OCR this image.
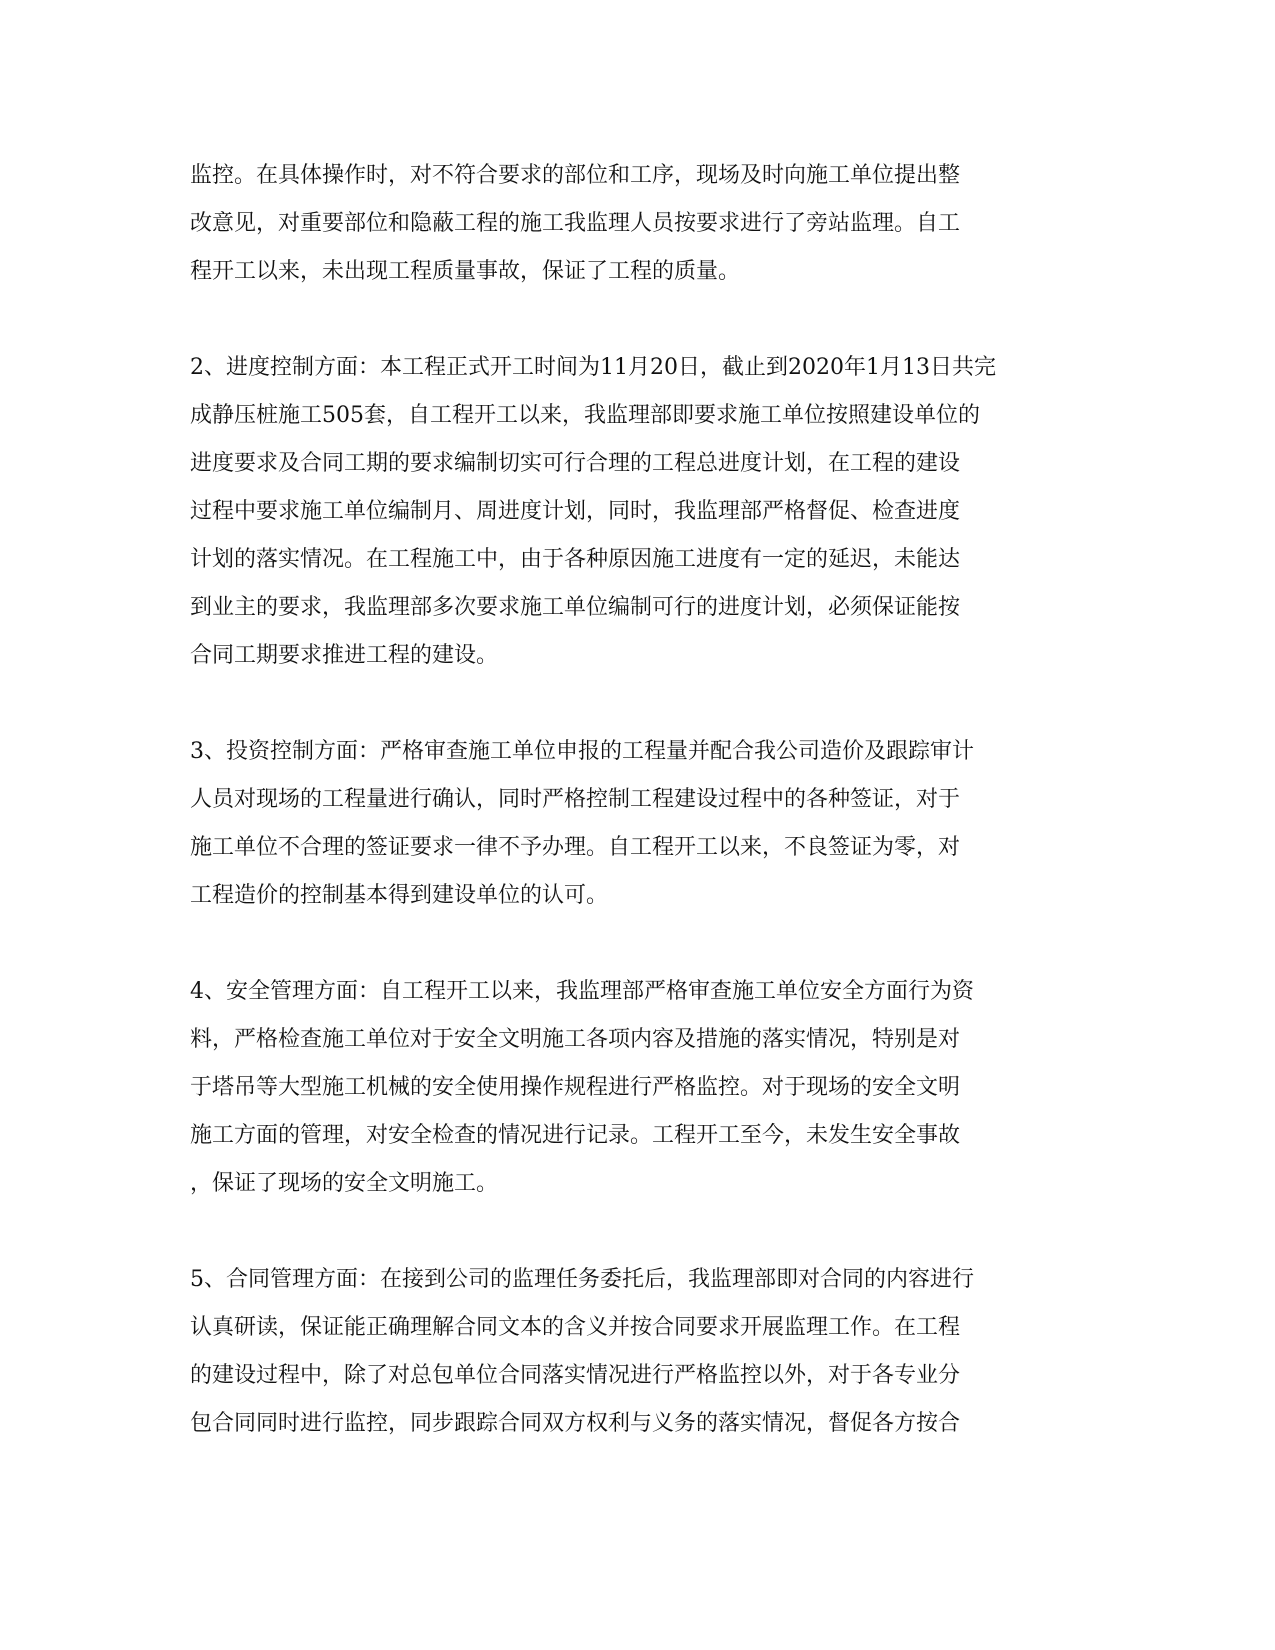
监控。在具体操作时，对不符合要求的部位和工序，现场及时向施工单位提出整
改意见，对重要部位和隐蔽工程的施工我监理人员按要求进行了旁站监理。自工
程开工以来，未出现工程质量事故，保证了工程的质量。
2、进度控制方面：本工程正式开工时间为11月20日，截止到2020年1月13日共完
成静压桩施工505套，自工程开工以来，我监理部即要求施工单位按照建设单位的
进度要求及合同工期的要求编制切实可行合理的工程总进度计划，在工程的建设
过程中要求施工单位编制月、周进度计划，同时，我监理部严格督促、检查进度
计划的落实情况。在工程施工中，由于各种原因施工进度有一定的延迟，未能达
到业主的要求，我监理部多次要求施工单位编制可行的进度计划，必须保证能按
合同工期要求推进工程的建设。
3、投资控制方面：严格审查施工单位申报的工程量并配合我公司造价及跟踪审计
人员对现场的工程量进行确认，同时严格控制工程建设过程中的各种签证，对于
施工单位不合理的签证要求一律不予办理。自工程开工以来，不良签证为零，对
工程造价的控制基本得到建设单位的认可。
4、安全管理方面：自工程开工以来，我监理部严格审查施工单位安全方面行为资
料，严格检查施工单位对于安全文明施工各项内容及措施的落实情况，特别是对
于塔吊等大型施工机械的安全使用操作规程进行严格监控。对于现场的安全文明
施工方面的管理，对安全检查的情况进行记录。工程开工至今，未发生安全事故
，保证了现场的安全文明施工。
5、合同管理方面：在接到公司的监理任务委托后，我监理部即对合同的内容进行
认真研读，保证能正确理解合同文本的含义并按合同要求开展监理工作。在工程
的建设过程中，除了对总包单位合同落实情况进行严格监控以外，对于各专业分
包合同同时进行监控，同步跟踪合同双方权利与义务的落实情况，督促各方按合
